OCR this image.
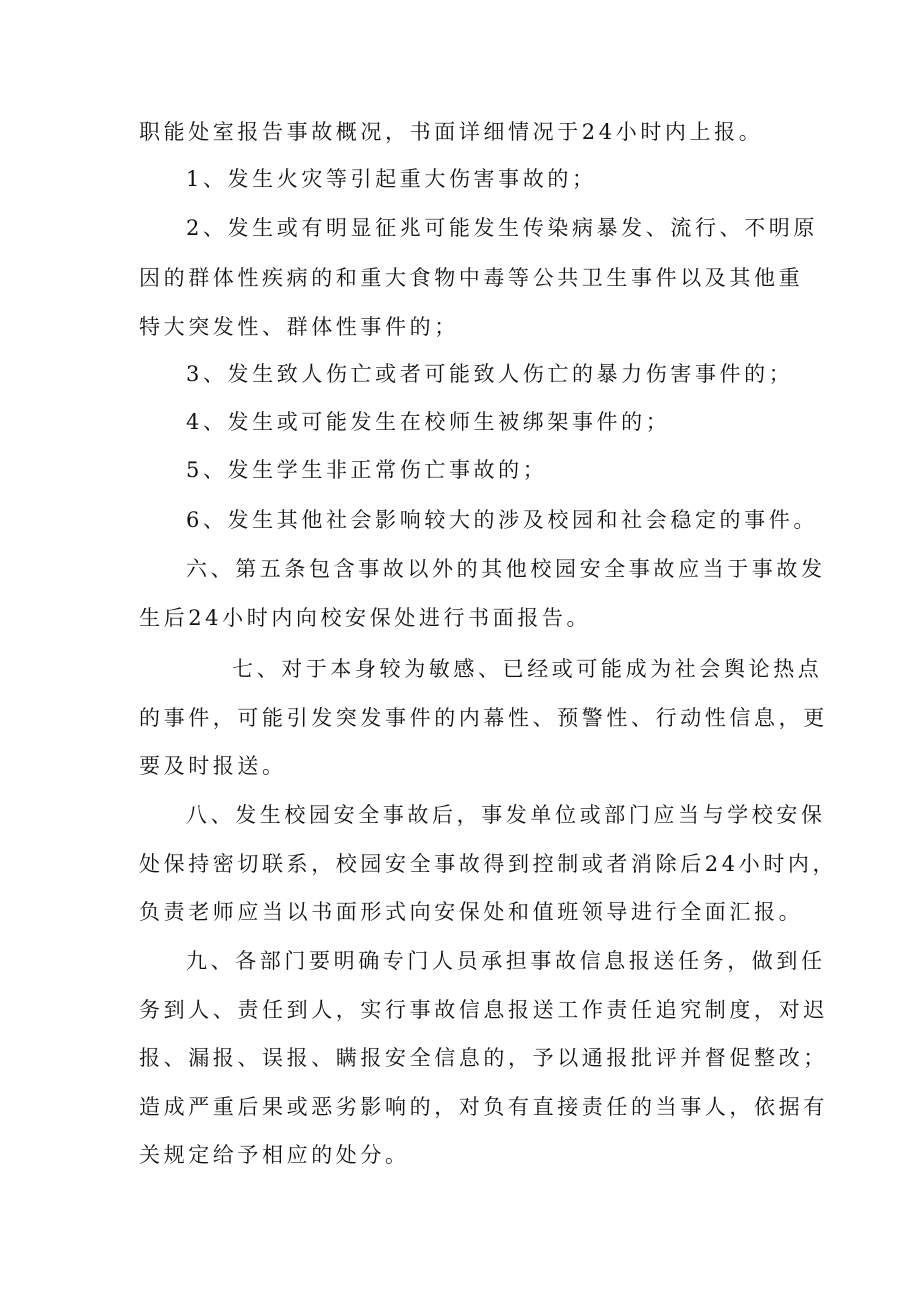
职能处室报告事故概况，书面详细情况于24小时内上报。

1、发生火灾等引起重大伤害事故的；

2、发生或有明显征兆可能发生传染病暴发、流行、不明原

因的群体性疾病的和重大食物中毒等公共卫生事件以及其他重

特大突发性、群体性事件的；

3、发生致人伤亡或者可能致人伤亡的暴力伤害事件的；

4、发生或可能发生在校师生被绑架事件的；

5、发生学生非正常伤亡事故的；

6、发生其他社会影响较大的涉及校园和社会稳定的事件。

六、第五条包含事故以外的其他校园安全事故应当于事故发

生后24小时内向校安保处进行书面报告。

七、对于本身较为敏感、已经或可能成为社会舆论热点

的事件，可能引发突发事件的内幕性、预警性、行动性信息，更

要及时报送。

八、发生校园安全事故后，事发单位或部门应当与学校安保

处保持密切联系，校园安全事故得到控制或者消除后24小时内，

负责老师应当以书面形式向安保处和值班领导进行全面汇报。

九、各部门要明确专门人员承担事故信息报送任务，做到任

务到人、责任到人，实行事故信息报送工作责任追究制度，对迟

报、漏报、误报、瞒报安全信息的，予以通报批评并督促整改；

造成严重后果或恶劣影响的，对负有直接责任的当事人，依据有

关规定给予相应的处分。
